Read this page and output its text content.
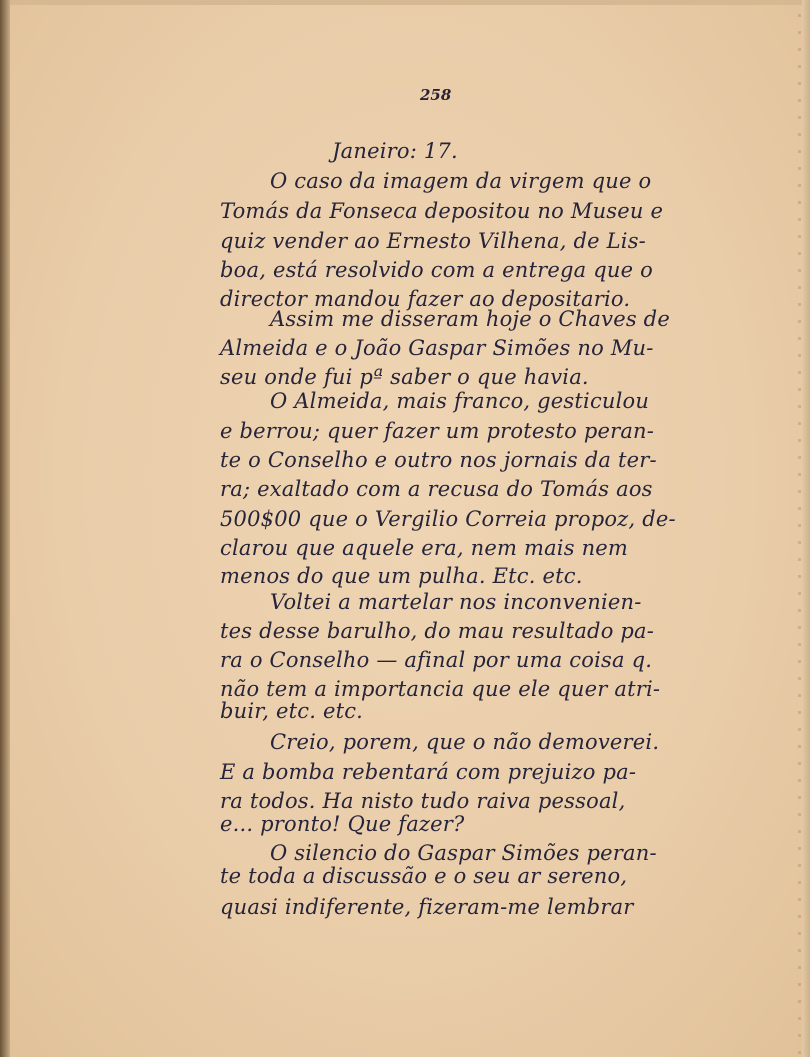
258
Janeiro: 17.
O caso da imagem da virgem que o
Tomás da Fonseca depositou no Museu e
quiz vender ao Ernesto Vilhena, de Lis-
boa, está resolvido com a entrega que o
director mandou fazer ao depositario.
Assim me disseram hoje o Chaves de
Almeida e o João Gaspar Simões no Mu-
seu onde fui pª saber o que havia.
O Almeida, mais franco, gesticulou
e berrou; quer fazer um protesto peran-
te o Conselho e outro nos jornais da ter-
ra; exaltado com a recusa do Tomás aos
500$00 que o Vergilio Correia propoz, de-
clarou que aquele era, nem mais nem
menos do que um pulha. Etc. etc.
Voltei a martelar nos inconvenien-
tes desse barulho, do mau resultado pa-
ra o Conselho — afinal por uma coisa q.
não tem a importancia que ele quer atri-
buir, etc. etc.
Creio, porem, que o não demoverei.
E a bomba rebentará com prejuizo pa-
ra todos. Ha nisto tudo raiva pessoal,
e... pronto! Que fazer?
O silencio do Gaspar Simões peran-
te toda a discussão e o seu ar sereno,
quasi indiferente, fizeram-me lembrar
